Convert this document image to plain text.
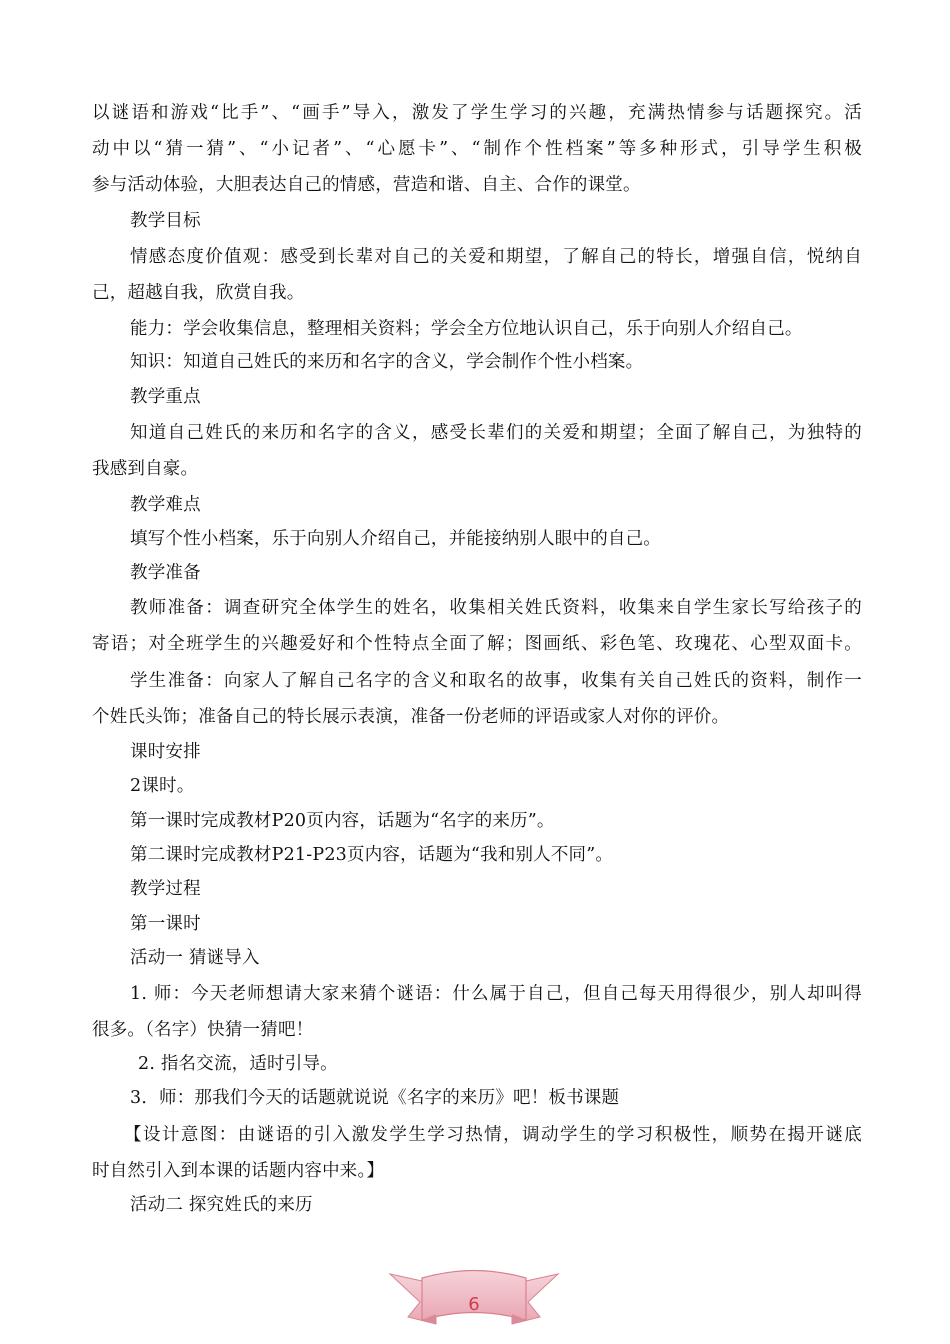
以谜语和游戏“比手”、“画手”导入，激发了学生学习的兴趣，充满热情参与话题探究。活
动中以“猜一猜”、“小记者”、“心愿卡”、“制作个性档案”等多种形式，引导学生积极
参与活动体验，大胆表达自己的情感，营造和谐、自主、合作的课堂。
教学目标
情感态度价值观：感受到长辈对自己的关爱和期望，了解自己的特长，增强自信，悦纳自
己，超越自我，欣赏自我。
能力：学会收集信息，整理相关资料；学会全方位地认识自己，乐于向别人介绍自己。
知识：知道自己姓氏的来历和名字的含义，学会制作个性小档案。
教学重点
知道自己姓氏的来历和名字的含义，感受长辈们的关爱和期望；全面了解自己，为独特的
我感到自豪。
教学难点
填写个性小档案，乐于向别人介绍自己，并能接纳别人眼中的自己。
教学准备
教师准备：调查研究全体学生的姓名，收集相关姓氏资料，收集来自学生家长写给孩子的
寄语；对全班学生的兴趣爱好和个性特点全面了解；图画纸、彩色笔、玫瑰花、心型双面卡。
学生准备：向家人了解自己名字的含义和取名的故事，收集有关自己姓氏的资料，制作一
个姓氏头饰；准备自己的特长展示表演，准备一份老师的评语或家人对你的评价。
课时安排
2课时。
第一课时完成教材P20页内容，话题为“名字的来历”。
第二课时完成教材P21-P23页内容，话题为“我和别人不同”。
教学过程
第一课时
活动一 猜谜导入
1. 师：今天老师想请大家来猜个谜语：什么属于自己，但自己每天用得很少，别人却叫得
很多。（名字）快猜一猜吧！
2. 指名交流，适时引导。
3．师：那我们今天的话题就说说《名字的来历》吧！板书课题
【设计意图：由谜语的引入激发学生学习热情，调动学生的学习积极性，顺势在揭开谜底
时自然引入到本课的话题内容中来。】
活动二 探究姓氏的来历
6
